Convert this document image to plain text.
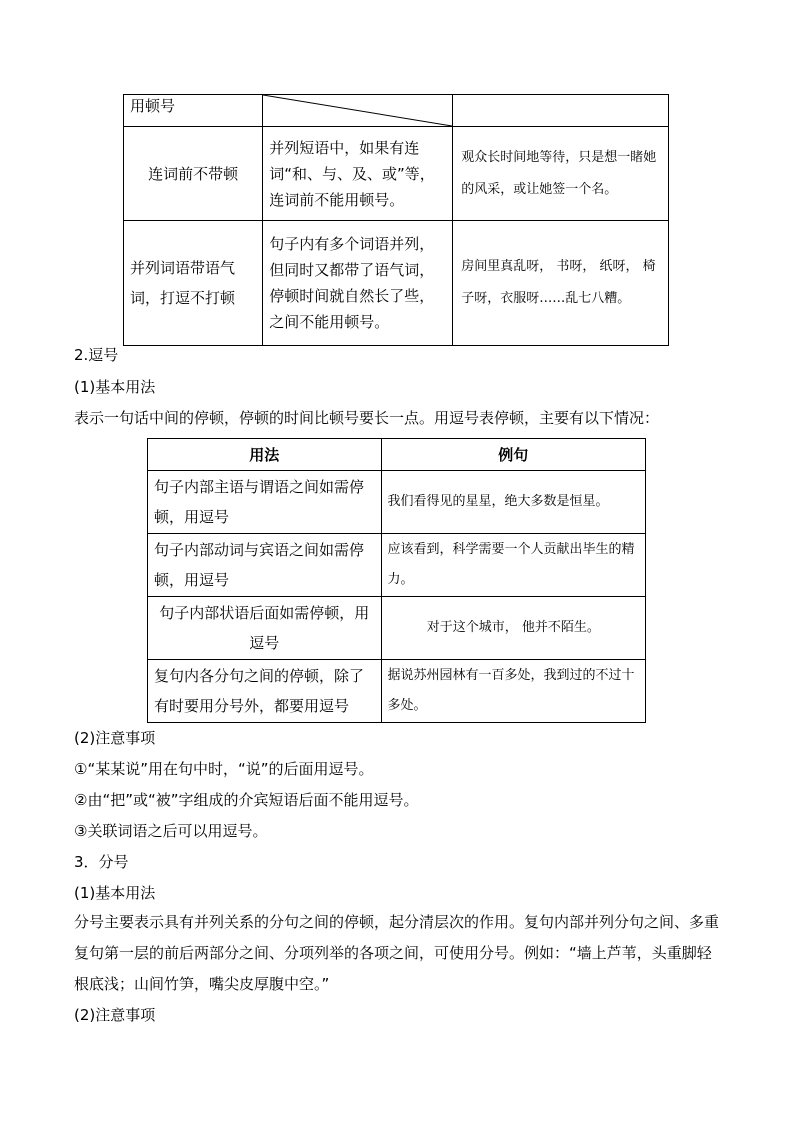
用顿号	

连词前不带顿	并列短语中，如果有连词“和、与、及、或”等，连词前不能用顿号。	观众长时间地等待，只是想一睹她的风采，或让她签一个名。
并列词语带语气词，打逗不打顿	句子内有多个词语并列，但同时又都带了语气词，停顿时间就自然长了些，之间不能用顿号。	房间里真乱呀， 书呀， 纸呀， 椅子呀，衣服呀……乱七八糟。
2.逗号
(1)基本用法
表示一句话中间的停顿，停顿的时间比顿号要长一点。用逗号表停顿，主要有以下情况：
用法	例句
句子内部主语与谓语之间如需停顿，用逗号	我们看得见的星星，绝大多数是恒星。
句子内部动词与宾语之间如需停顿，用逗号	应该看到，科学需要一个人贡献出毕生的精力。
句子内部状语后面如需停顿，用逗号	对于这个城市， 他并不陌生。
复句内各分句之间的停顿，除了有时要用分号外，都要用逗号	据说苏州园林有一百多处，我到过的不过十多处。
(2)注意事项
①“某某说”用在句中时，“说”的后面用逗号。
②由“把”或“被”字组成的介宾短语后面不能用逗号。
③关联词语之后可以用逗号。
3．分号
(1)基本用法
分号主要表示具有并列关系的分句之间的停顿，起分清层次的作用。复句内部并列分句之间、多重复句第一层的前后两部分之间、分项列举的各项之间，可使用分号。例如：“墙上芦苇，头重脚轻根底浅；山间竹笋，嘴尖皮厚腹中空。”
(2)注意事项
